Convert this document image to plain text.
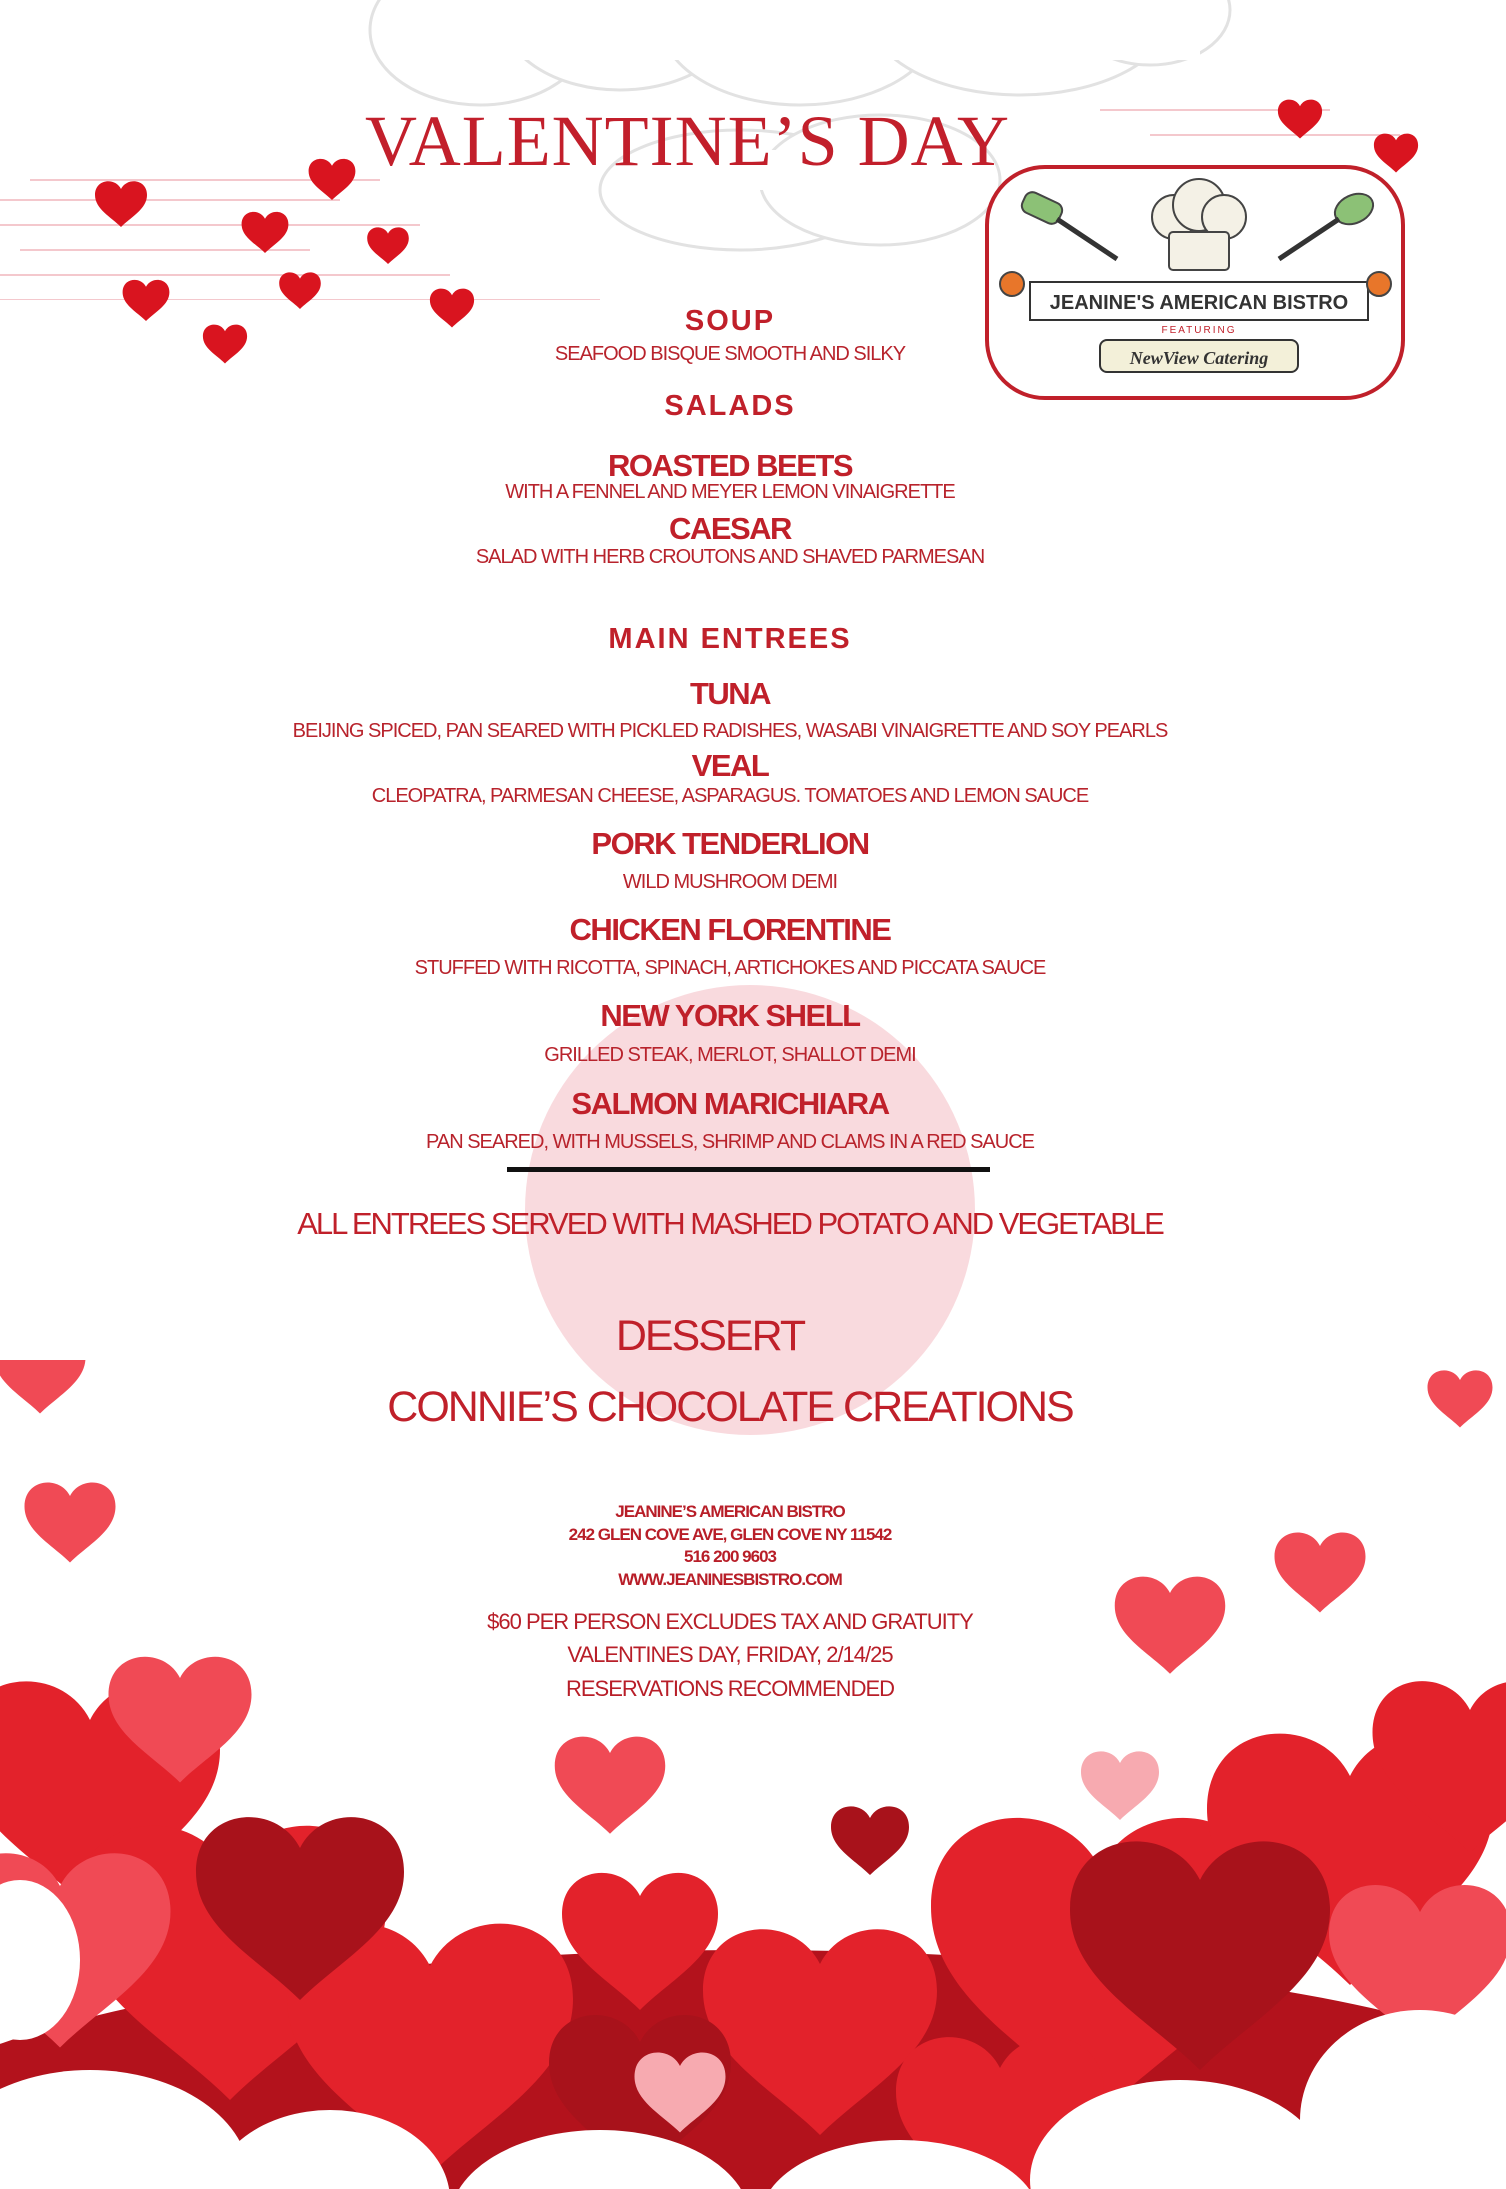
VALENTINE’S DAY
JEANINE'S AMERICAN BISTRO
FEATURING
NewView Catering
SOUP
SEAFOOD BISQUE SMOOTH AND SILKY
SALADS
ROASTED BEETS
WITH A FENNEL AND MEYER LEMON VINAIGRETTE
CAESAR
SALAD WITH HERB CROUTONS AND SHAVED PARMESAN
MAIN ENTREES
TUNA
BEIJING SPICED, PAN SEARED WITH PICKLED RADISHES, WASABI VINAIGRETTE AND SOY PEARLS
VEAL
CLEOPATRA, PARMESAN CHEESE, ASPARAGUS. TOMATOES AND LEMON SAUCE
PORK TENDERLION
WILD MUSHROOM DEMI
CHICKEN FLORENTINE
STUFFED WITH RICOTTA, SPINACH, ARTICHOKES AND PICCATA SAUCE
NEW YORK SHELL
GRILLED STEAK, MERLOT, SHALLOT DEMI
SALMON MARICHIARA
PAN SEARED, WITH MUSSELS, SHRIMP AND CLAMS IN A RED SAUCE
ALL ENTREES SERVED WITH MASHED POTATO AND VEGETABLE
DESSERT
CONNIE’S CHOCOLATE CREATIONS
JEANINE’S AMERICAN BISTRO
242 GLEN COVE AVE, GLEN COVE NY 11542
516 200 9603
WWW.JEANINESBISTRO.COM
$60 PER PERSON EXCLUDES TAX AND GRATUITY
VALENTINES DAY, FRIDAY, 2/14/25
RESERVATIONS RECOMMENDED
